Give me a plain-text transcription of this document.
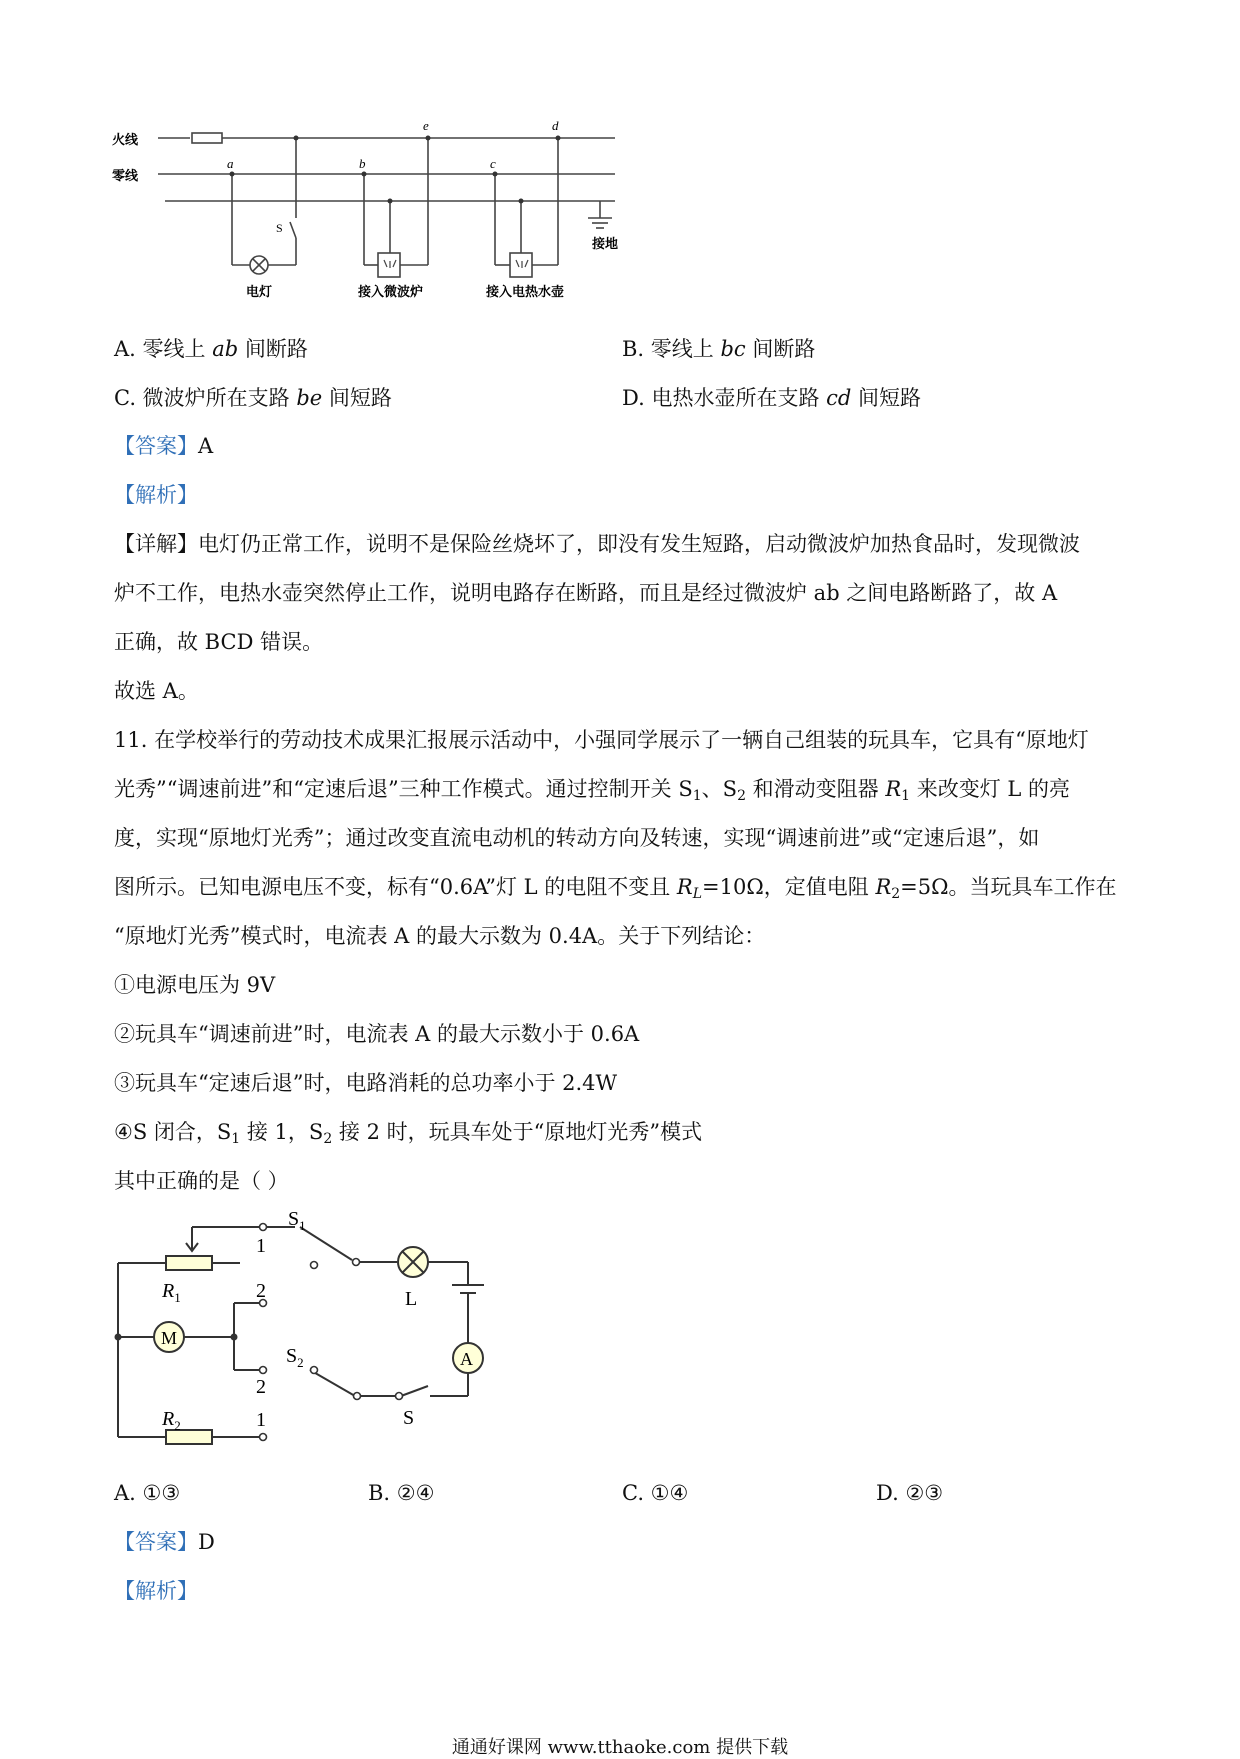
火线
零线
a	b	c
d
e
S
电灯	接入微波炉	接入电热水壶
接地
A. 零线上 ab 间断路	B. 零线上 bc 间断路
C. 微波炉所在支路 be 间短路	D. 电热水壶所在支路 cd 间短路
【答案】A
【解析】
【详解】电灯仍正常工作，说明不是保险丝烧坏了，即没有发生短路，启动微波炉加热食品时，发现微波
炉不工作，电热水壶突然停止工作，说明电路存在断路，而且是经过微波炉 ab 之间电路断路了，故 A
正确，故 BCD 错误。
故选 A。
11. 在学校举行的劳动技术成果汇报展示活动中，小强同学展示了一辆自己组装的玩具车，它具有“原地灯
光秀”“调速前进”和“定速后退”三种工作模式。通过控制开关 $S_1$、$S_2$ 和滑动变阻器 $R_1$ 来改变灯 L 的亮
度，实现“原地灯光秀”；通过改变直流电动机的转动方向及转速，实现“调速前进”或“定速后退”，如
图所示。已知电源电压不变，标有“0.6A”灯 L 的电阻不变且 $R_L=10\Omega$，定值电阻 $R_2=5\Omega$。当玩具车工作在
“原地灯光秀”模式时，电流表 A 的最大示数为 0.4A。关于下列结论：
①电源电压为 9V
②玩具车“调速前进”时，电流表 A 的最大示数小于 0.6A
③玩具车“定速后退”时，电路消耗的总功率小于 2.4W
④S 闭合，$S_1$ 接 1，$S_2$ 接 2 时，玩具车处于“原地灯光秀”模式
其中正确的是（ ）
$S_1$
1
$R_1$	L
2
M
A
$S_2$
2
S
$R_2$	1
A. ①③	B. ②④	C. ①④	D. ②③
【答案】D
【解析】
通通好课网 www.tthaoke.com 提供下载
